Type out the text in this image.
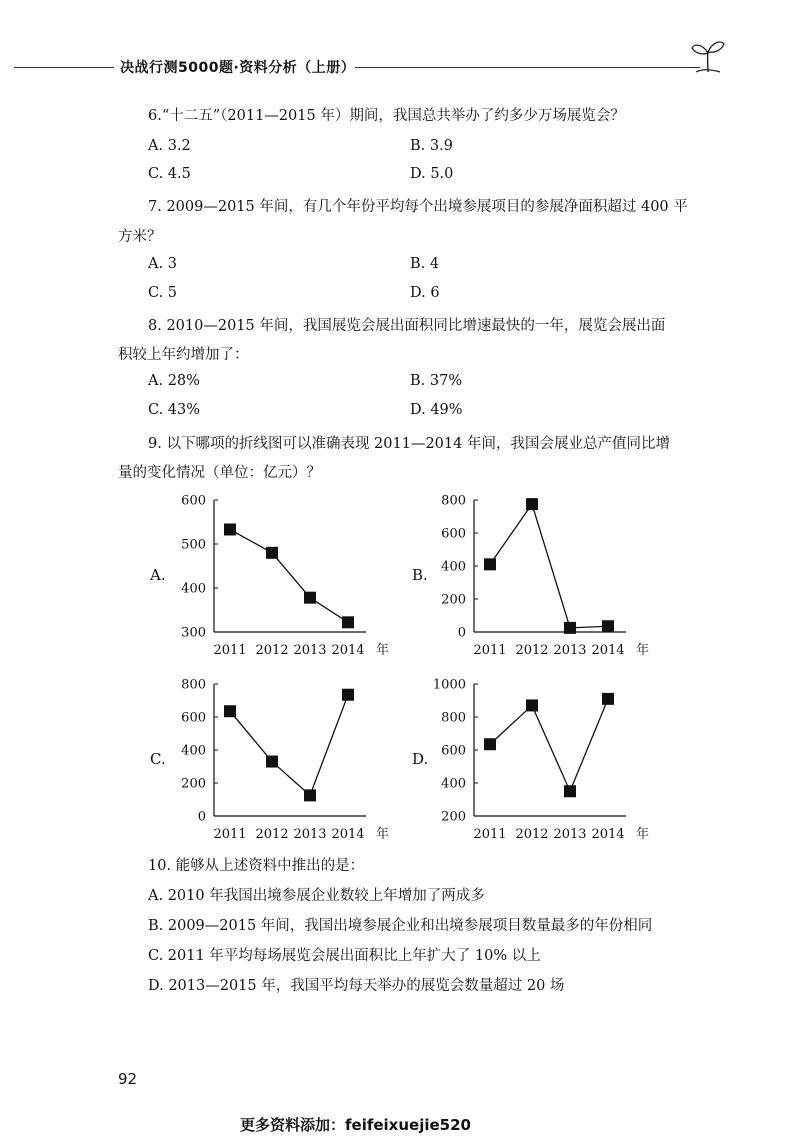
决战行测5000题·资料分析（上册）
6.“十二五”（2011—2015 年）期间，我国总共举办了约多少万场展览会？
A. 3.2	B. 3.9
C. 4.5	D. 5.0
7. 2009—2015 年间，有几个年份平均每个出境参展项目的参展净面积超过 400 平
方米？
A. 3	B. 4
C. 5	D. 6
8. 2010—2015 年间，我国展览会展出面积同比增速最快的一年，展览会展出面
积较上年约增加了：
A. 28%	B. 37%
C. 43%	D. 49%
9. 以下哪项的折线图可以准确表现 2011—2014 年间，我国会展业总产值同比增
量的变化情况（单位：亿元）？
A.	B.
C.	D.
300
400
500
600
2011 2012 2013 2014 年
0
200
400
600
800
2011 2012 2013 2014 年
0
200
400
600
800
2011 2012 2013 2014 年
200
400
600
800
1000
2011 2012 2013 2014 年
10. 能够从上述资料中推出的是：
A. 2010 年我国出境参展企业数较上年增加了两成多
B. 2009—2015 年间，我国出境参展企业和出境参展项目数量最多的年份相同
C. 2011 年平均每场展览会展出面积比上年扩大了 10% 以上
D. 2013—2015 年，我国平均每天举办的展览会数量超过 20 场
92
更多资料添加：feifeixuejie520
